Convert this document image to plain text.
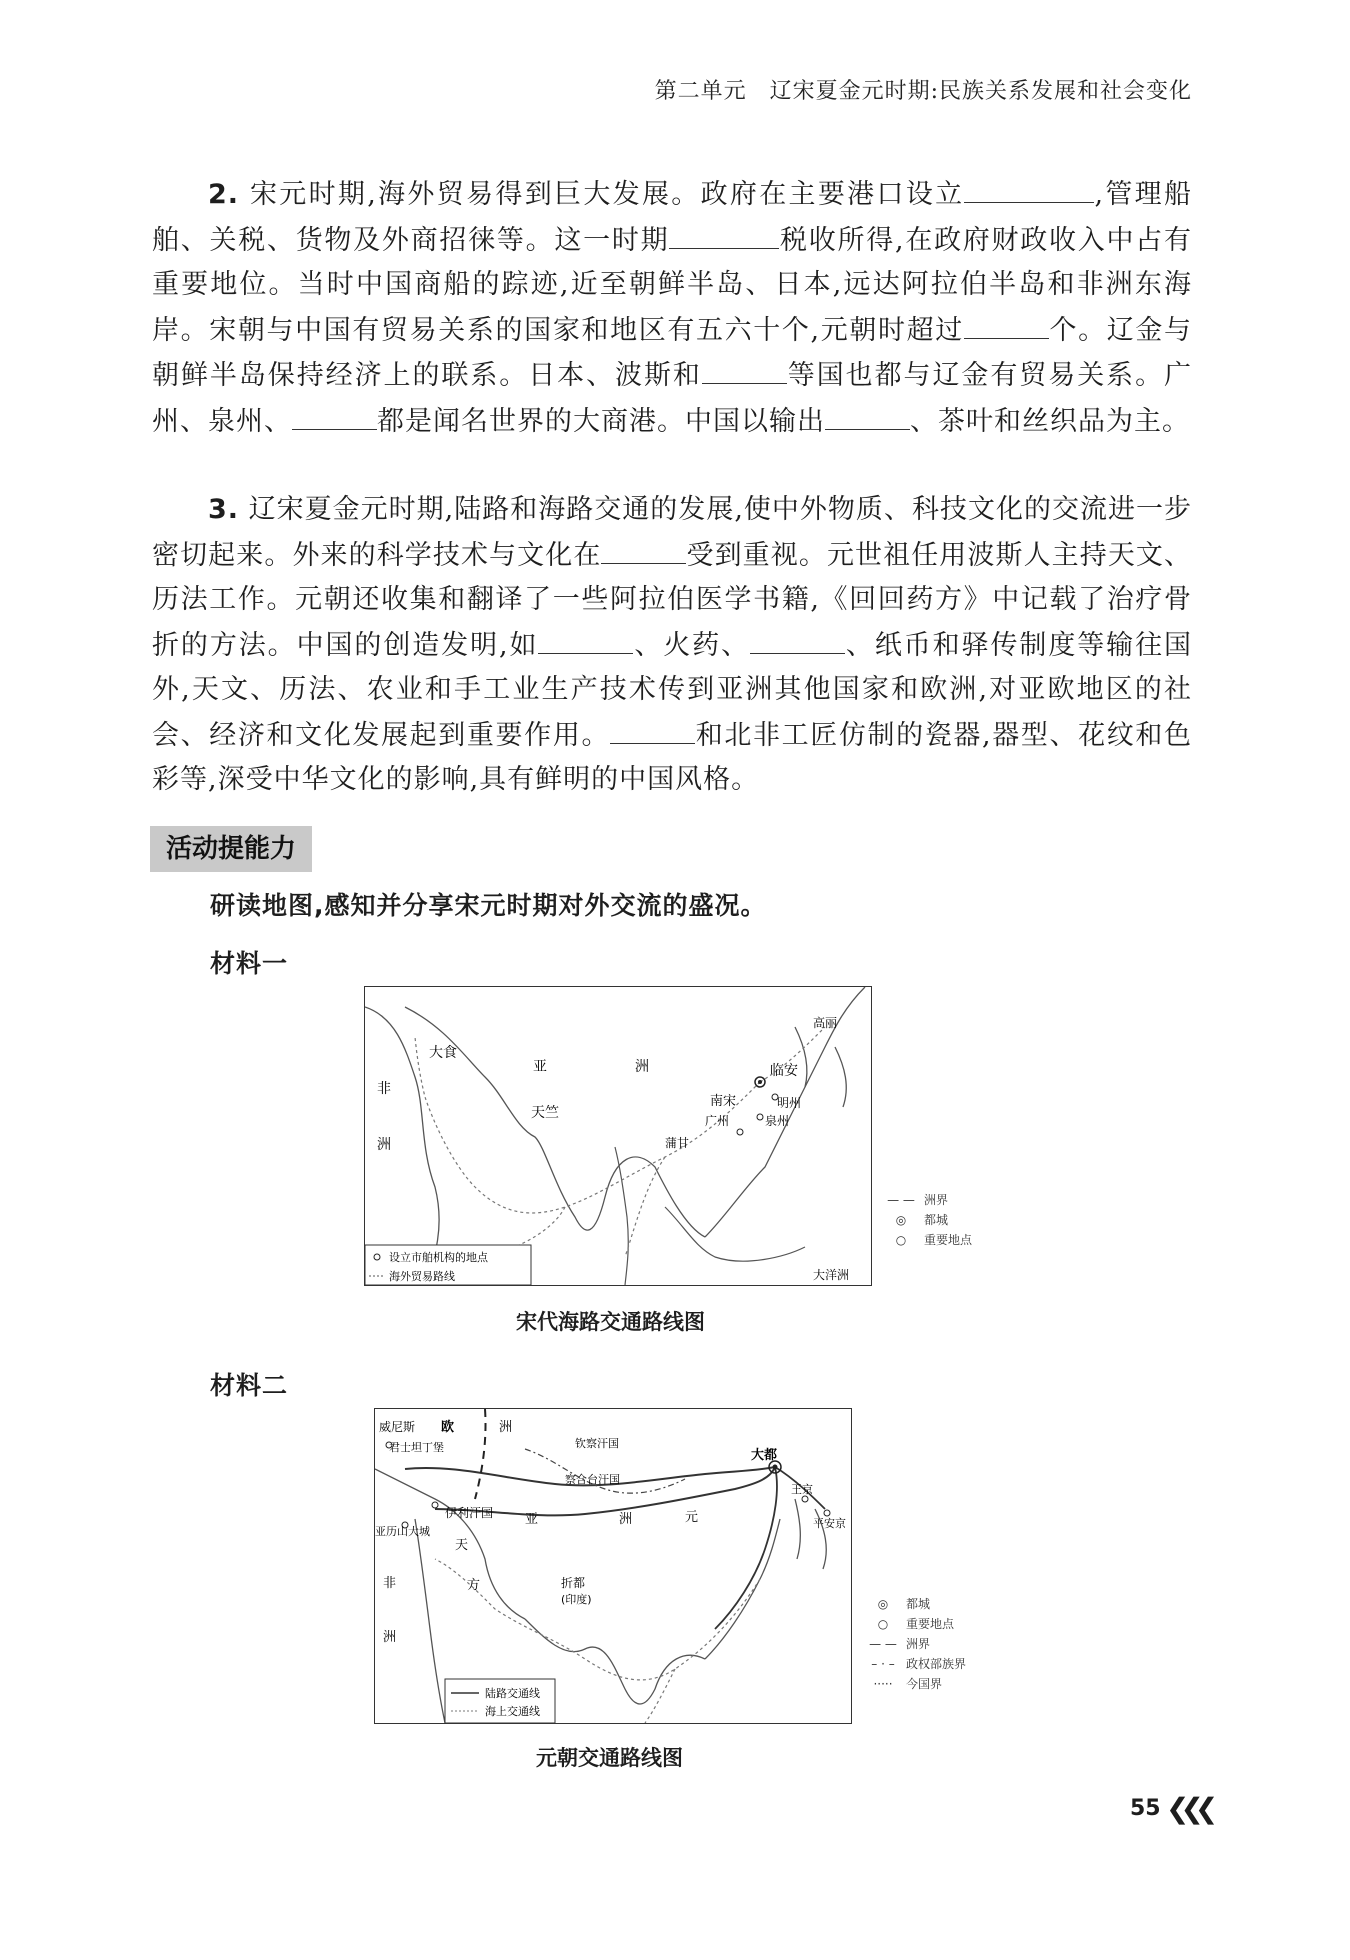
第二单元　辽宋夏金元时期:民族关系发展和社会变化
2. 宋元时期,海外贸易得到巨大发展。政府在主要港口设立	,管理船舶、关税、货物及外商招徕等。这一时期	税收所得,在政府财政收入中占有重要地位。当时中国商船的踪迹,近至朝鲜半岛、日本,远达阿拉伯半岛和非洲东海岸。宋朝与中国有贸易关系的国家和地区有五六十个,元朝时超过	个。辽金与朝鲜半岛保持经济上的联系。日本、波斯和	等国也都与辽金有贸易关系。广州、泉州、	都是闻名世界的大商港。中国以输出	、茶叶和丝织品为主。
3. 辽宋夏金元时期,陆路和海路交通的发展,使中外物质、科技文化的交流进一步密切起来。外来的科学技术与文化在	受到重视。元世祖任用波斯人主持天文、历法工作。元朝还收集和翻译了一些阿拉伯医学书籍,《回回药方》中记载了治疗骨折的方法。中国的创造发明,如	、火药、	、纸币和驿传制度等输往国外,天文、历法、农业和手工业生产技术传到亚洲其他国家和欧洲,对亚欧地区的社会、经济和文化发展起到重要作用。	和北非工匠仿制的瓷器,器型、花纹和色彩等,深受中华文化的影响,具有鲜明的中国风格。
活动提能力
研读地图,感知并分享宋元时期对外交流的盛况。
材料一
大食
亚	洲
非
洲
天竺
临安
南宋	明州
广州	泉州
蒲甘
高丽
大洋洲
设立市舶机构的地点
海外贸易路线
— — 洲界
◎ 都城
○ 重要地点
宋代海路交通路线图
材料二
威尼斯 欧	洲
君士坦丁堡	钦察汗国
察合台汗国
伊利汗国
亚历山大城
大都
王京
平安京
元
亚	洲
天
方
非
洲
折都
(印度)
陆路交通线
海上交通线
◎ 都城
○ 重要地点
— — 洲界
– · – 政权部族界
····· 今国界
元朝交通路线图
55 ❮❮❮
